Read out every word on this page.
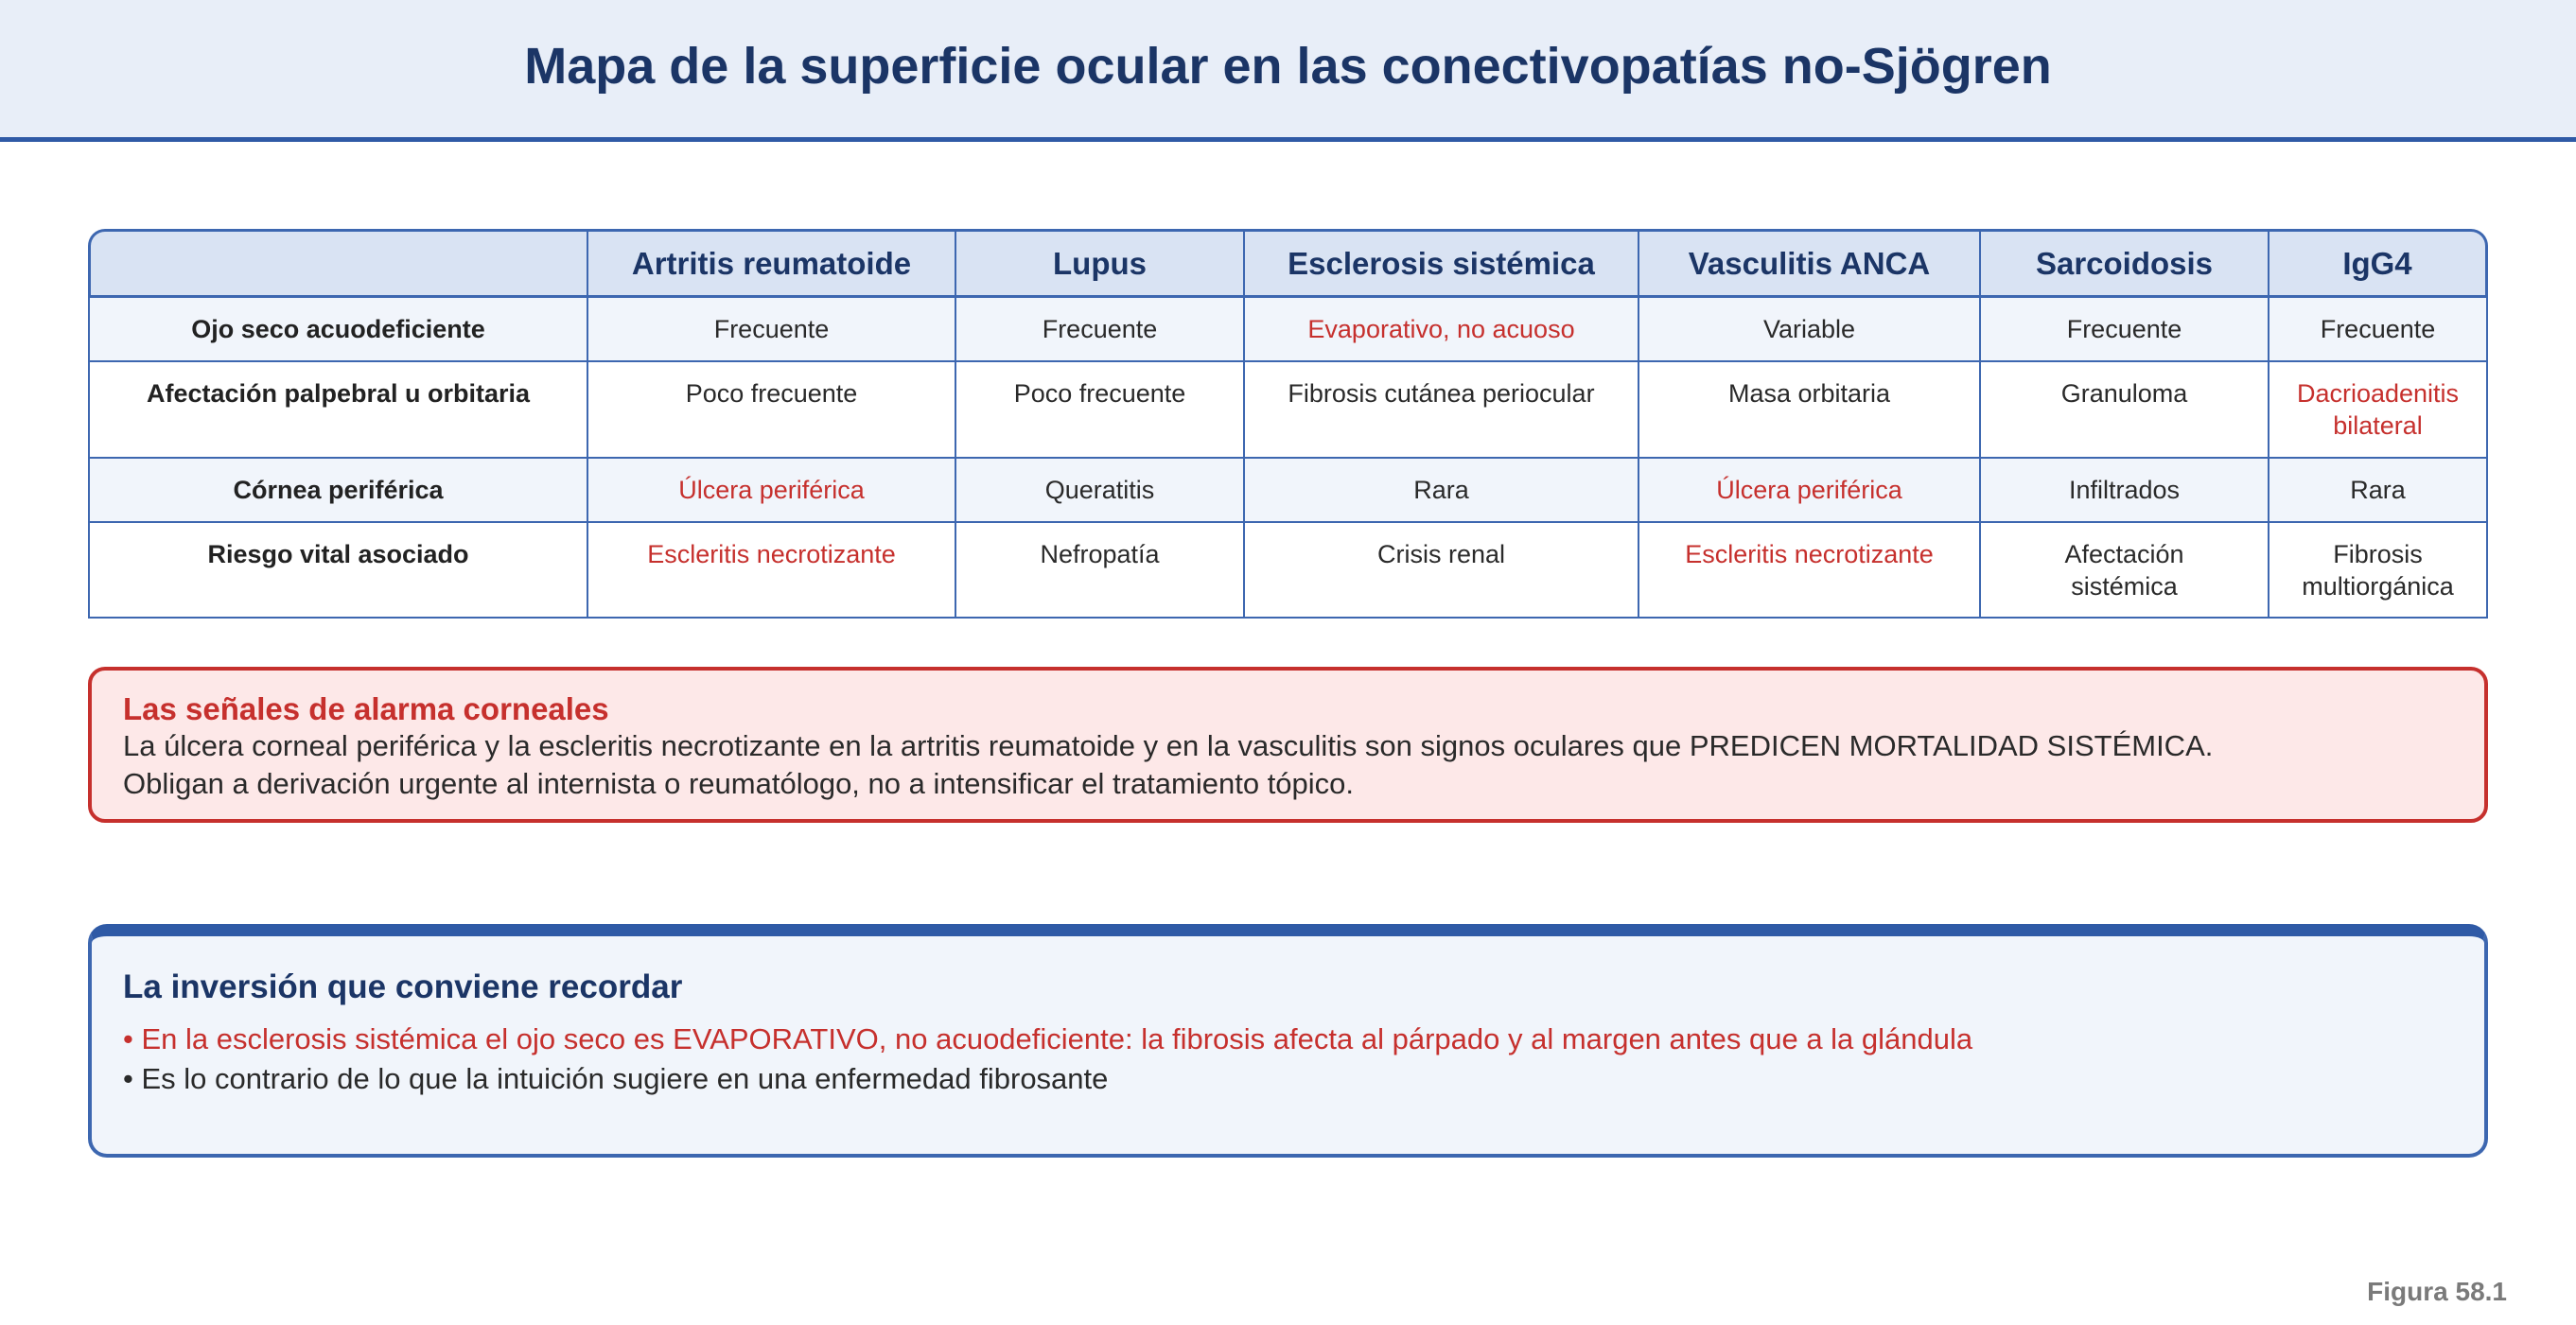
Mapa de la superficie ocular en las conectivopatías no-Sjögren
	Artritis reumatoide	Lupus	Esclerosis sistémica	Vasculitis ANCA	Sarcoidosis	IgG4
Ojo seco acuodeficiente	Frecuente	Frecuente	Evaporativo, no acuoso	Variable	Frecuente	Frecuente
Afectación palpebral u orbitaria	Poco frecuente	Poco frecuente	Fibrosis cutánea periocular	Masa orbitaria	Granuloma	Dacrioadenitis bilateral
Córnea periférica	Úlcera periférica	Queratitis	Rara	Úlcera periférica	Infiltrados	Rara
Riesgo vital asociado	Escleritis necrotizante	Nefropatía	Crisis renal	Escleritis necrotizante	Afectación sistémica	Fibrosis multiorgánica
Las señales de alarma corneales
La úlcera corneal periférica y la escleritis necrotizante en la artritis reumatoide y en la vasculitis son signos oculares que PREDICEN MORTALIDAD SISTÉMICA.
Obligan a derivación urgente al internista o reumatólogo, no a intensificar el tratamiento tópico.
La inversión que conviene recordar
• En la esclerosis sistémica el ojo seco es EVAPORATIVO, no acuodeficiente: la fibrosis afecta al párpado y al margen antes que a la glándula
• Es lo contrario de lo que la intuición sugiere en una enfermedad fibrosante
Figura 58.1
